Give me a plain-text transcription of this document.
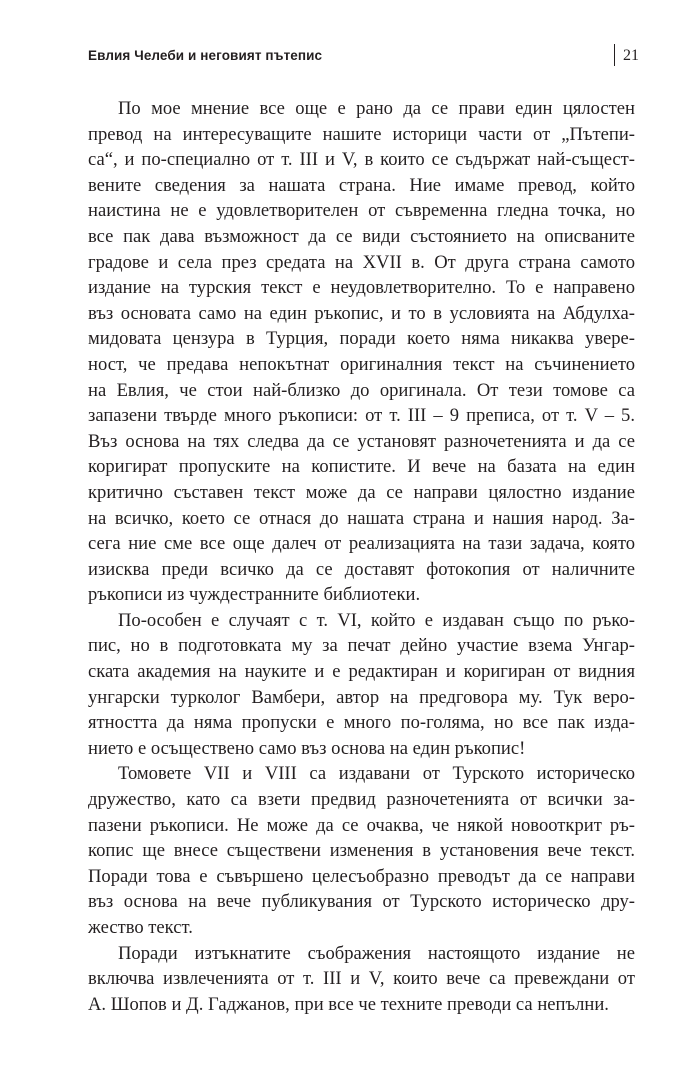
Евлия Челеби и неговият пътепис	21
По мое мнение все още е рано да се прави един цялостен
превод на интересуващите нашите историци части от „Пътепи-
са“, и по-специално от т. III и V, в които се съдържат най-същест-
вените сведения за нашата страна. Ние имаме превод, който
наистина не е удовлетворителен от съвременна гледна точка, но
все пак дава възможност да се види състоянието на описваните
градове и села през средата на XVII в. От друга страна самото
издание на турския текст е неудовлетворително. То е направено
въз основата само на един ръкопис, и то в условията на Абдулха-
мидовата цензура в Турция, поради което няма никаква увере-
ност, че предава непокътнат оригиналния текст на съчинението
на Евлия, че стои най-близко до оригинала. От тези томове са
запазени твърде много ръкописи: от т. III – 9 преписа, от т. V – 5.
Въз основа на тях следва да се установят разночетенията и да се
коригират пропуските на копистите. И вече на базата на един
критично съставен текст може да се направи цялостно издание
на всичко, което се отнася до нашата страна и нашия народ. За-
сега ние сме все още далеч от реализацията на тази задача, която
изисква преди всичко да се доставят фотокопия от наличните
ръкописи из чуждестранните библиотеки.
По-особен е случаят с т. VI, който е издаван също по ръко-
пис, но в подготовката му за печат дейно участие взема Унгар-
ската академия на науките и е редактиран и коригиран от видния
унгарски турколог Вамбери, автор на предговора му. Тук веро-
ятността да няма пропуски е много по-голяма, но все пак изда-
нието е осъществено само въз основа на един ръкопис!
Томовете VII и VIII са издавани от Турското историческо
дружество, като са взети предвид разночетенията от всички за-
пазени ръкописи. Не може да се очаква, че някой новооткрит ръ-
копис ще внесе съществени изменения в установения вече текст.
Поради това е съвършено целесъобразно преводът да се направи
въз основа на вече публикувания от Турското историческо дру-
жество текст.
Поради изтъкнатите съображения настоящото издание не
включва извлеченията от т. III и V, които вече са превеждани от
А. Шопов и Д. Гаджанов, при все че техните преводи са непълни.
